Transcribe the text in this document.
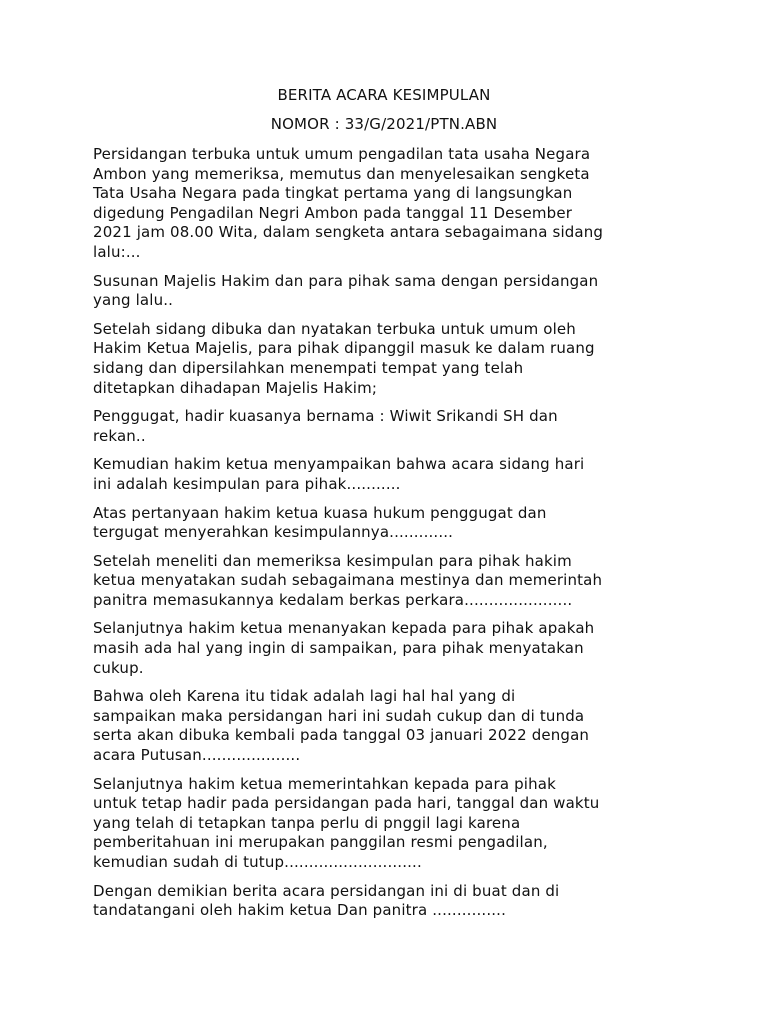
BERITA ACARA KESIMPULAN
NOMOR : 33/G/2021/PTN.ABN

Persidangan terbuka untuk umum pengadilan tata usaha Negara
Ambon yang memeriksa, memutus dan menyelesaikan sengketa
Tata Usaha Negara pada tingkat pertama yang di langsungkan
digedung Pengadilan Negri Ambon pada tanggal 11 Desember
2021 jam 08.00 Wita, dalam sengketa antara sebagaimana sidang
lalu:...

Susunan Majelis Hakim dan para pihak sama dengan persidangan
yang lalu..

Setelah sidang dibuka dan nyatakan terbuka untuk umum oleh
Hakim Ketua Majelis, para pihak dipanggil masuk ke dalam ruang
sidang dan dipersilahkan menempati tempat yang telah
ditetapkan dihadapan Majelis Hakim;

Penggugat, hadir kuasanya bernama : Wiwit Srikandi SH dan
rekan..

Kemudian hakim ketua menyampaikan bahwa acara sidang hari
ini adalah kesimpulan para pihak...........

Atas pertanyaan hakim ketua kuasa hukum penggugat dan
tergugat menyerahkan kesimpulannya.............

Setelah meneliti dan memeriksa kesimpulan para pihak hakim
ketua menyatakan sudah sebagaimana mestinya dan memerintah
panitra memasukannya kedalam berkas perkara......................

Selanjutnya hakim ketua menanyakan kepada para pihak apakah
masih ada hal yang ingin di sampaikan, para pihak menyatakan
cukup.

Bahwa oleh Karena itu tidak adalah lagi hal hal yang di
sampaikan maka persidangan hari ini sudah cukup dan di tunda
serta akan dibuka kembali pada tanggal 03 januari 2022 dengan
acara Putusan....................

Selanjutnya hakim ketua memerintahkan kepada para pihak
untuk tetap hadir pada persidangan pada hari, tanggal dan waktu
yang telah di tetapkan tanpa perlu di pnggil lagi karena
pemberitahuan ini merupakan panggilan resmi pengadilan,
kemudian sudah di tutup............................

Dengan demikian berita acara persidangan ini di buat dan di
tandatangani oleh hakim ketua Dan panitra ...............
